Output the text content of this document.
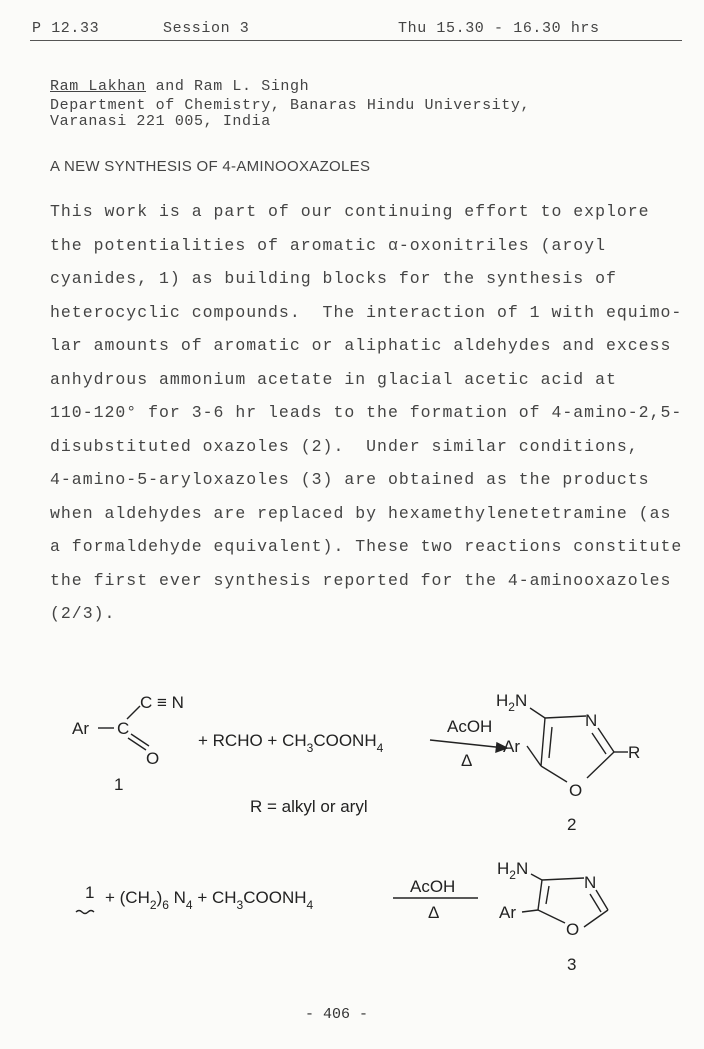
P 12.33	Session 3	Thu 15.30 - 16.30 hrs
Ram Lakhan and Ram L. Singh
Department of Chemistry, Banaras Hindu University,
Varanasi 221 005, India
A NEW SYNTHESIS OF 4-AMINOOXAZOLES
This work is a part of our continuing effort to explore
the potentialities of aromatic α-oxonitriles (aroyl
cyanides, 1) as building blocks for the synthesis of
heterocyclic compounds.  The interaction of 1 with equimo-
lar amounts of aromatic or aliphatic aldehydes and excess
anhydrous ammonium acetate in glacial acetic acid at
110-120° for 3-6 hr leads to the formation of 4-amino-2,5-
disubstituted oxazoles (2).  Under similar conditions,
4-amino-5-aryloxazoles (3) are obtained as the products
when aldehydes are replaced by hexamethylenetetramine (as
a formaldehyde equivalent). These two reactions constitute
the first ever synthesis reported for the 4-aminooxazoles
(2/3).
Ar C
C ≡ N
O
1
+ RCHO + $CH_3COONH_4$
AcOH
Δ
$H_2N$
N
O
Ar	R
2
R = alkyl or aryl
$1 + (CH_2)_6$ $N_4$ + $CH_3COONH_4$
AcOH
Δ
$H_2N$
N
O
Ar
3
- 406 -
